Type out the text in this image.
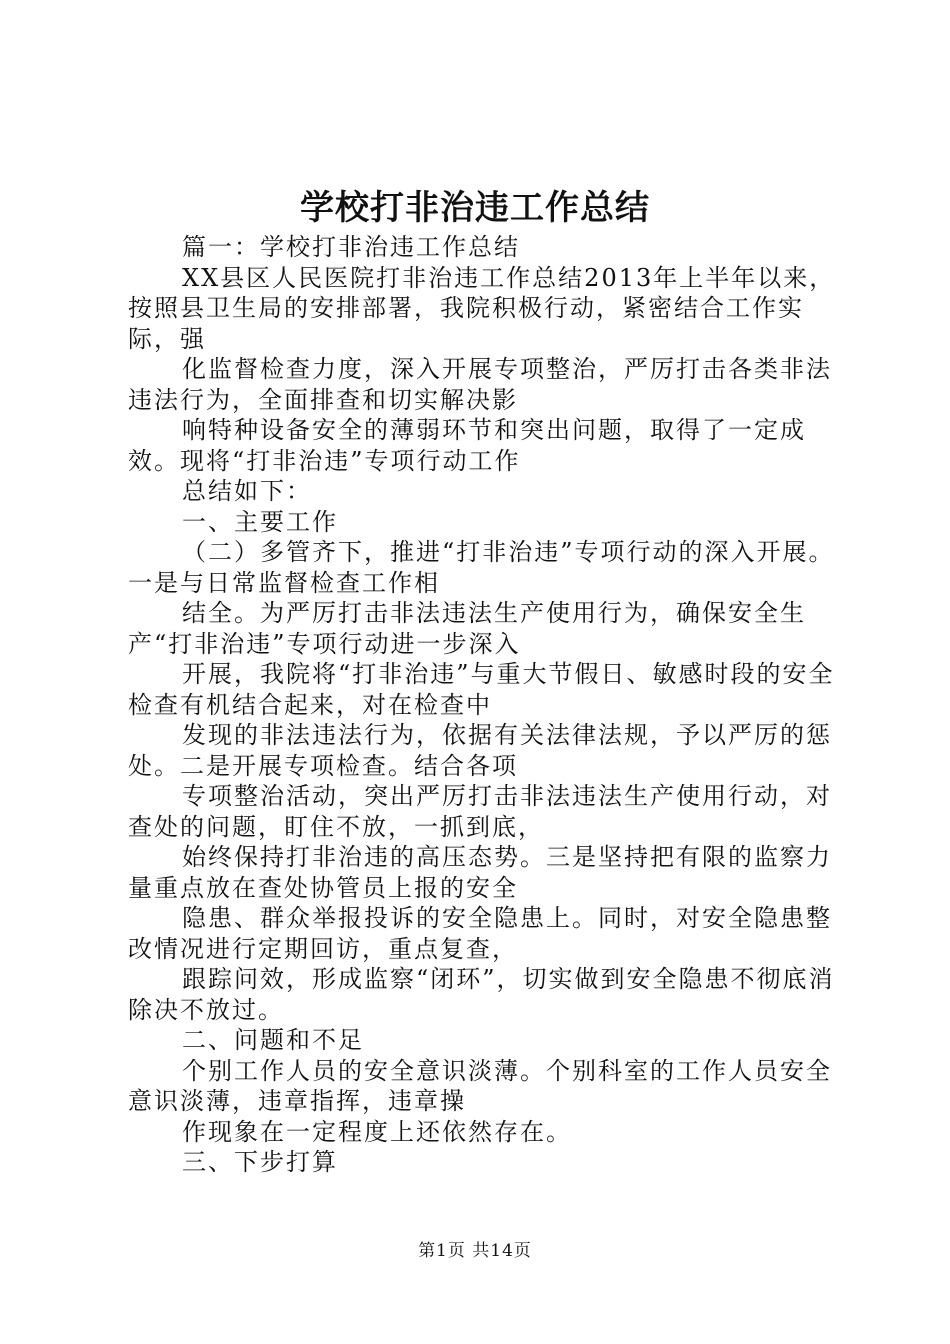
学校打非治违工作总结

篇一：学校打非治违工作总结

XX县区人民医院打非治违工作总结2013年上半年以来，按照县卫生局的安排部署，我院积极行动，紧密结合工作实际，强

化监督检查力度，深入开展专项整治，严厉打击各类非法违法行为，全面排查和切实解决影

响特种设备安全的薄弱环节和突出问题，取得了一定成效。现将“打非治违”专项行动工作

总结如下：

一、主要工作

（二）多管齐下，推进“打非治违”专项行动的深入开展。一是与日常监督检查工作相

结全。为严厉打击非法违法生产使用行为，确保安全生产“打非治违”专项行动进一步深入

开展，我院将“打非治违”与重大节假日、敏感时段的安全检查有机结合起来，对在检查中

发现的非法违法行为，依据有关法律法规，予以严厉的惩处。二是开展专项检查。结合各项

专项整治活动，突出严厉打击非法违法生产使用行动，对查处的问题，盯住不放，一抓到底，

始终保持打非治违的高压态势。三是坚持把有限的监察力量重点放在查处协管员上报的安全

隐患、群众举报投诉的安全隐患上。同时，对安全隐患整改情况进行定期回访，重点复查，

跟踪问效，形成监察“闭环”，切实做到安全隐患不彻底消除决不放过。

二、问题和不足

个别工作人员的安全意识淡薄。个别科室的工作人员安全意识淡薄，违章指挥，违章操

作现象在一定程度上还依然存在。

三、下步打算

第1页 共14页
